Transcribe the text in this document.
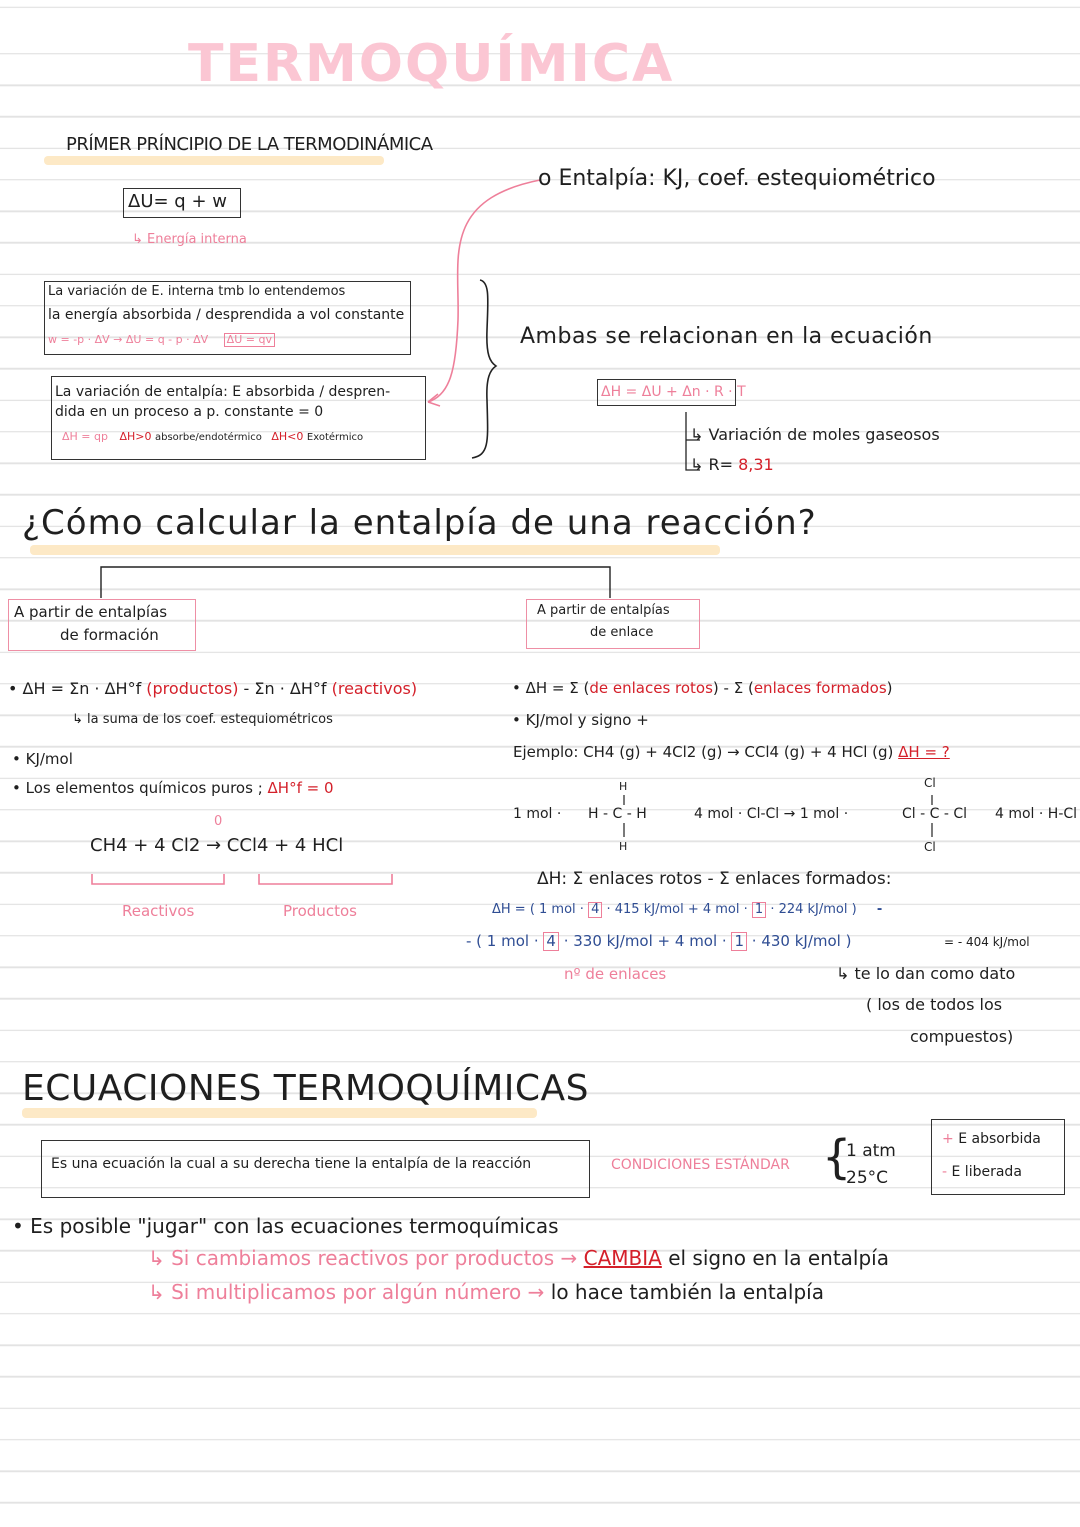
TERMOQUÍMICA
PRÍMER PRÍNCIPIO DE LA TERMODINÁMICA
ΔU= q + w
↳ Energía interna
La variación de E. interna tmb lo entendemos
la energía absorbida / desprendida a vol constante
w = -p · ΔV → ΔU = q - p · ΔV ΔU = qv
La variación de entalpía: E absorbida / despren-
dida en un proceso a p. constante = 0
ΔH = qp ΔH>0 absorbe/endotérmico ΔH<0 Exotérmico
o Entalpía: KJ, coef. estequiométrico
Ambas se relacionan en la ecuación
ΔH = ΔU + Δn · R · T
↳ Variación de moles gaseosos
↳ R= 8,31
¿Cómo calcular la entalpía de una reacción?
A partir de entalpías
de formación
A partir de entalpías
de enlace
• ΔH = Σn · ΔH°f (productos) - Σn · ΔH°f (reactivos)
↳ la suma de los coef. estequiométricos
• KJ/mol
• Los elementos químicos puros ; ΔH°f = 0
0
CH4 + 4 Cl2 → CCl4 + 4 HCl
Reactivos	Productos
• ΔH = Σ (de enlaces rotos) - Σ (enlaces formados)
• KJ/mol y signo +
Ejemplo: CH4 (g) + 4Cl2 (g) → CCl4 (g) + 4 HCl (g) ΔH = ?
1 mol · H - C - H
H
H
4 mol · Cl-Cl → 1 mol ·	Cl - C - Cl
Cl
Cl
4 mol · H-Cl
ΔH: Σ enlaces rotos - Σ enlaces formados:
ΔH = ( 1 mol · 4 · 415 kJ/mol + 4 mol · 1 · 224 kJ/mol ) -
- ( 1 mol · 4 · 330 kJ/mol + 4 mol · 1 · 430 kJ/mol )	= - 404 kJ/mol
nº de enlaces	↳ te lo dan como dato
( los de todos los
compuestos)
ECUACIONES TERMOQUÍMICAS
Es una ecuación la cual a su derecha tiene la entalpía de la reacción	CONDICIONES ESTÁNDAR {
1 atm
25°C
+ E absorbida
- E liberada
• Es posible "jugar" con las ecuaciones termoquímicas
↳ Si cambiamos reactivos por productos → CAMBIA el signo en la entalpía
↳ Si multiplicamos por algún número → lo hace también la entalpía
